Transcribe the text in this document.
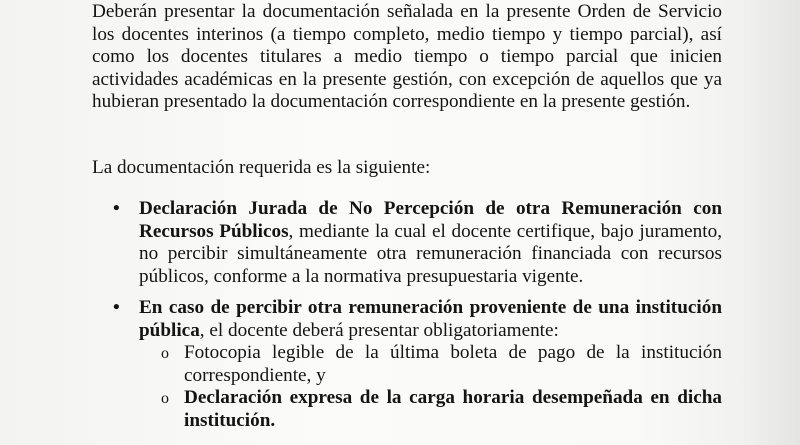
Deberán presentar la documentación señalada en la presente Orden de Servicio los docentes interinos (a tiempo completo, medio tiempo y tiempo parcial), así como los docentes titulares a medio tiempo o tiempo parcial que inicien actividades académicas en la presente gestión, con excepción de aquellos que ya hubieran presentado la documentación correspondiente en la presente gestión.

La documentación requerida es la siguiente:

• Declaración Jurada de No Percepción de otra Remuneración con Recursos Públicos, mediante la cual el docente certifique, bajo juramento, no percibir simultáneamente otra remuneración financiada con recursos públicos, conforme a la normativa presupuestaria vigente.
• En caso de percibir otra remuneración proveniente de una institución pública, el docente deberá presentar obligatoriamente:
o Fotocopia legible de la última boleta de pago de la institución correspondiente, y
o Declaración expresa de la carga horaria desempeñada en dicha institución.
